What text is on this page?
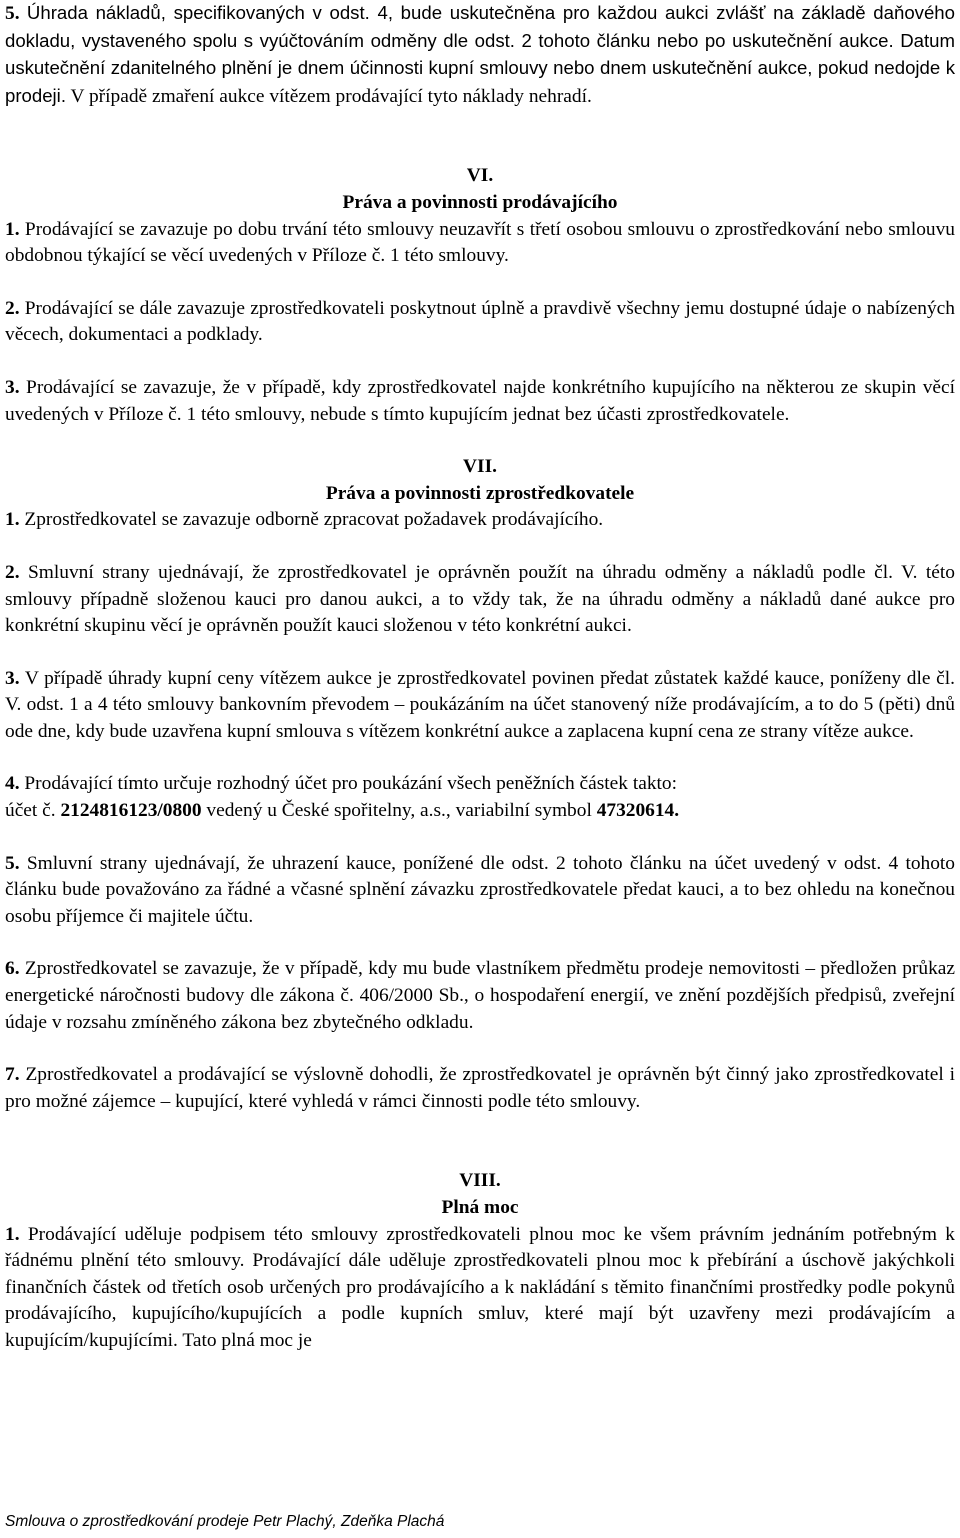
5. Úhrada nákladů, specifikovaných v odst. 4, bude uskutečněna pro každou aukci zvlášť na základě daňového dokladu, vystaveného spolu s vyúčtováním odměny dle odst. 2 tohoto článku nebo po uskutečnění aukce. Datum uskutečnění zdanitelného plnění je dnem účinnosti kupní smlouvy nebo dnem uskutečnění aukce, pokud nedojde k prodeji. V případě zmaření aukce vítězem prodávající tyto náklady nehradí.

VI.

Práva a povinnosti prodávajícího

1. Prodávající se zavazuje po dobu trvání této smlouvy neuzavřít s třetí osobou smlouvu o zprostředkování nebo smlouvu obdobnou týkající se věcí uvedených v Příloze č. 1 této smlouvy.

2. Prodávající se dále zavazuje zprostředkovateli poskytnout úplně a pravdivě všechny jemu dostupné údaje o nabízených věcech, dokumentaci a podklady.

3. Prodávající se zavazuje, že v případě, kdy zprostředkovatel najde konkrétního kupujícího na některou ze skupin věcí uvedených v Příloze č. 1 této smlouvy, nebude s tímto kupujícím jednat bez účasti zprostředkovatele.

VII.

Práva a povinnosti zprostředkovatele

1. Zprostředkovatel se zavazuje odborně zpracovat požadavek prodávajícího.

2. Smluvní strany ujednávají, že zprostředkovatel je oprávněn použít na úhradu odměny a nákladů podle čl. V. této smlouvy případně složenou kauci pro danou aukci, a to vždy tak, že na úhradu odměny a nákladů dané aukce pro konkrétní skupinu věcí je oprávněn použít kauci složenou v této konkrétní aukci.

3. V případě úhrady kupní ceny vítězem aukce je zprostředkovatel povinen předat zůstatek každé kauce, poníženy dle čl. V. odst. 1 a 4 této smlouvy bankovním převodem – poukázáním na účet stanovený níže prodávajícím, a to do 5 (pěti) dnů ode dne, kdy bude uzavřena kupní smlouva s vítězem konkrétní aukce a zaplacena kupní cena ze strany vítěze aukce.

4. Prodávající tímto určuje rozhodný účet pro poukázání všech peněžních částek takto:

účet č. 2124816123/0800 vedený u České spořitelny, a.s., variabilní symbol 47320614.

5. Smluvní strany ujednávají, že uhrazení kauce, ponížené dle odst. 2 tohoto článku na účet uvedený v odst. 4 tohoto článku bude považováno za řádné a včasné splnění závazku zprostředkovatele předat kauci, a to bez ohledu na konečnou osobu příjemce či majitele účtu.

6. Zprostředkovatel se zavazuje, že v případě, kdy mu bude vlastníkem předmětu prodeje nemovitosti – předložen průkaz energetické náročnosti budovy dle zákona č. 406/2000 Sb., o hospodaření energií, ve znění pozdějších předpisů, zveřejní údaje v rozsahu zmíněného zákona bez zbytečného odkladu.

7. Zprostředkovatel a prodávající se výslovně dohodli, že zprostředkovatel je oprávněn být činný jako zprostředkovatel i pro možné zájemce – kupující, které vyhledá v rámci činnosti podle této smlouvy.

VIII.

Plná moc

1. Prodávající uděluje podpisem této smlouvy zprostředkovateli plnou moc ke všem právním jednáním potřebným k řádnému plnění této smlouvy. Prodávající dále uděluje zprostředkovateli plnou moc k přebírání a úschově jakýchkoli finančních částek od třetích osob určených pro prodávajícího a k nakládání s těmito finančními prostředky podle pokynů prodávajícího, kupujícího/kupujících a podle kupních smluv, které mají být uzavřeny mezi prodávajícím a kupujícím/kupujícími. Tato plná moc je

Smlouva o zprostředkování prodeje Petr Plachý, Zdeňka Plachá
